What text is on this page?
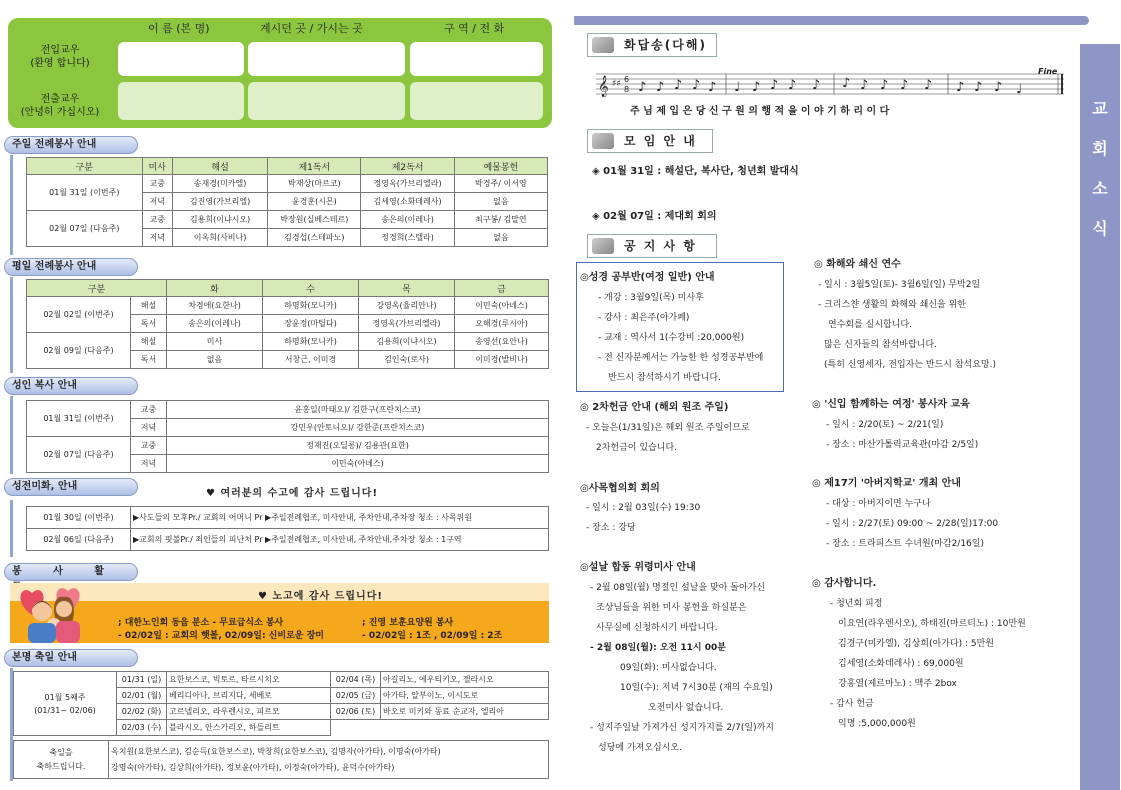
이 름 (본 명)	계시던 곳 / 가시는 곳	구 역 / 전 화
전입교우
(환영 합니다)
전출교우
(안녕히 가십시오)
주일 전례봉사 안내
구분	미사	해설	제1독서	제2독서	예물봉헌
01월 31일 (이번주)	교중	송재경(미카엘)	박재상(마르코)	정영옥(가브리엘라)	박경주/ 이서영
	저녁	김진영(가브리엘)	윤경훈(시몬)	김세영(소화데레사)	없음
02월 07일 (다음주)	교중	김용희(이냐시오)	박장원(실베스테르)	송은의(이레나)	최구봉/ 김말연
	저녁	이옥희(사비나)	김경섭(스테파노)	정경희(스텔라)	없음
평일 전례봉사 안내
구분		화	수	목	금
02월 02일 (이번주)	해설	차경애(요한나)	하명화(모니카)	강영옥(율리안나)	이민숙(아녜스)
	독서	송은의(이레나)	장윤정(마틸다)	정영옥(가브리엘라)	오해경(루시아)
02월 09일 (다음주)	해설	미사	하명화(모니카)	김용희(이냐시오)	송영선(요안나)
	독서	없음	서창근, 이미경	김인숙(로사)	이미경(발비나)
성인 복사 안내
01월 31일 (이번주)	교중	윤홍일(마태오)/ 김한구(프란치스코)
	저녁	강민우(안토니오)/ 강한준(프란치스코)
02월 07일 (다음주)	교중	정재진(오딜롱)/ 김용관(요한)
	저녁	이민숙(아녜스)
성전미화, 안내
♥ 여러분의 수고에 감사 드립니다!
01월 30일 (이번주)	▶사도들의 모후Pr./ 교회의 어머니 Pr ▶주일전례협조, 미사안내, 주차안내,주차장 청소 : 사목위원
02월 06일 (다음주)	▶교회의 핏볼Pr./ 죄인들의 피난처 Pr ▶주일전례협조, 미사안내, 주차안내,주차장 청소 : 1구역
봉 사 활
♥ 노고에 감사 드립니다!
; 대한노인회 동읍 분소 - 무료급식소 봉사	; 진영 보훈요양원 봉사
- 02/02일 : 교회의 햇볼, 02/09일: 신비로운 장미	- 02/02일 : 1조 , 02/09일 : 2조
본명 축일 안내
01월 5째주
(01/31~ 02/06)	01/31 (일)	요한보스코, 빅토르, 타르시치오	02/04 (목)	아길리노, 에우티키오, 젤라시오
	02/01 (월)	베리디아나, 브리지다, 세베로	02/05 (금)	아가타, 알부이노, 이시도로
	02/02 (화)	고르넬리오, 라우렌시오, 피르모	02/06 (토)	바오로 미키와 동료 순교자, 엘리아
	02/03 (수)	블라시오, 안스가리오, 하들리트		
축일을
축하드립니다.

옥치원(요한보스코), 김순득(요한보스코), 박창희(요한보스코), 김명자(아가타), 이명숙(아가타)
강명숙(아가타), 김상희(아가타), 정보윤(아가타), 이정숙(아가타), 윤덕수(아가타)
교
회
소
식
화답송(다해)
𝄞 ♯♯ 6
8 ♪ ♪ ♪ ♪ ♪ ♩ ♪ ♪ ♪ ♪ ♪ ♪ ♪ ♪ ♪ ♪ ♪ ♪ ♩
Fine
주 님 제 입 은 당 신 구 원 의 행 적 을 이 야 기 하 리 이 다
모 임 안 내
◈ 01월 31일 : 해설단, 복사단, 청년회 발대식
◈ 02월 07일 : 제대회 회의
공 지 사 항
◎성경 공부반(여정 일반) 안내
- 개강 : 3월9일(목) 미사후
- 강사 : 최은주(아가페)
- 교재 : 역사서 1(수강비 :20,000원)
- 전 신자분께서는 가능한 한 성경공부반에
반드시 참석하시기 바랍니다.
◎ 2차헌금 안내 (해외 원조 주일)
- 오늘은(1/31일)은 해외 원조 주일이므로
2차헌금이 있습니다.
◎사목협의회 회의
- 일시 : 2월 03일(수) 19:30
- 장소 : 강당
◎설날 합동 위령미사 안내
- 2월 08일(월) 명절인 설날을 맞아 돌아가신
조상님들을 위한 미사 봉헌을 하실분은
사무실에 신청하시기 바랍니다.
- 2월 08일(월): 오전 11시 00분
09일(화): 미사없습니다.
10일(수): 저녁 7시30분 (재의 수요일)
오전미사 없습니다.
- 성지주일날 가져가신 성지가지를 2/7(일)까지
성당에 가져오십시오.
◎ 화해와 쇄신 연수
- 일시 : 3월5일(토)- 3월6일(일) 무박2일
- 크리스챤 생활의 화해와 쇄신을 위한
연수회를 실시합니다.
많은 신자들의 참석바랍니다.
(특히 신영세자, 전입자는 반드시 참석요망.)
◎ '신입 함께하는 여정' 봉사자 교육
- 일시 : 2/20(토) ~ 2/21(일)
- 장소 : 마산가톨릭교육관(마감 2/5일)
◎ 제17기 '아버지학교' 개최 안내
- 대상 : 아버지이면 누구나
- 일시 : 2/27(토) 09:00 ~ 2/28(일)17:00
- 장소 : 트라피스트 수녀원(마감2/16일)
◎ 감사합니다.
- 청년회 피정
이요연(라우렌시오), 하태진(마르티노) : 10만원
김경구(미카엘), 김상희(아가다) : 5만원
김세영(소화데레사) : 69,000원
강홍열(제르마노) : 맥주 2box
- 감사 헌금
익명 :5,000,000원
